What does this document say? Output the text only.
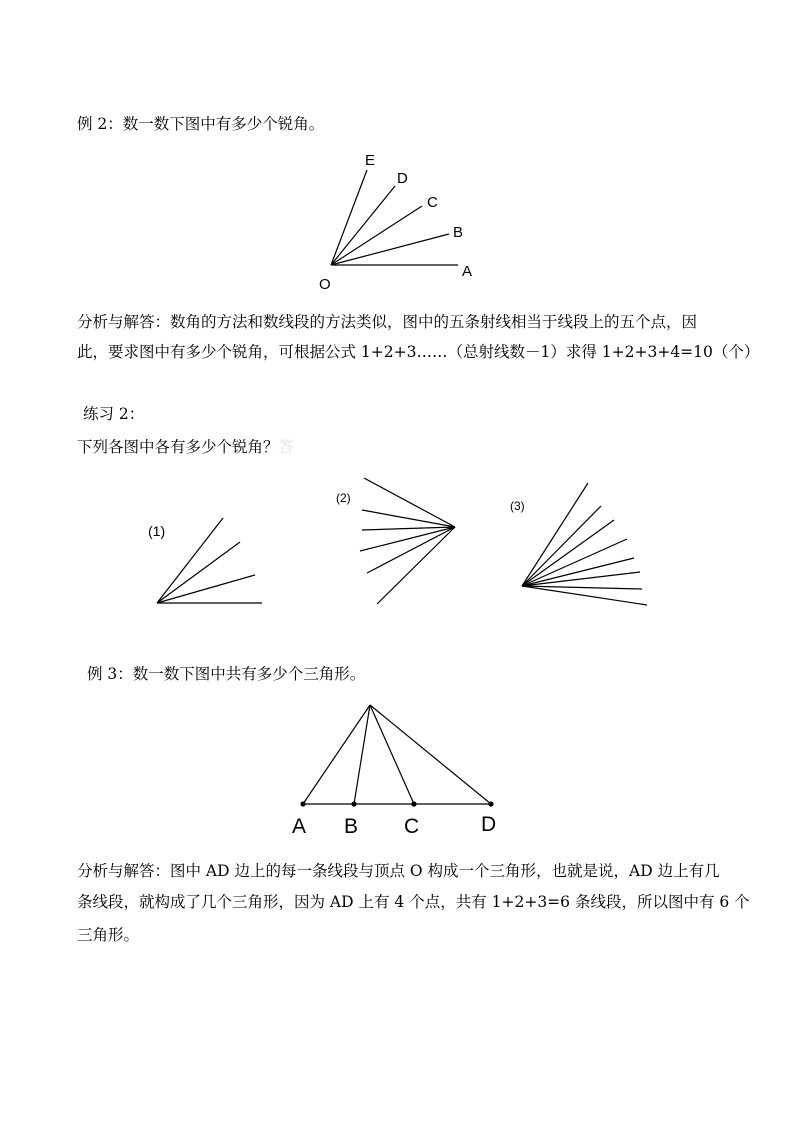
例 2：数一数下图中有多少个锐角。
O
A
B
C
D
E
分析与解答：数角的方法和数线段的方法类似，图中的五条射线相当于线段上的五个点，因
此，要求图中有多少个锐角，可根据公式 1+2+3……（总射线数－1）求得 1+2+3+4=10（个）
练习 2：
下列各图中各有多少个锐角？答
(1)
(2)
(3)
例 3：数一数下图中共有多少个三角形。
A B C	D
分析与解答：图中 AD 边上的每一条线段与顶点 O 构成一个三角形，也就是说，AD 边上有几
条线段，就构成了几个三角形，因为 AD 上有 4 个点，共有 1+2+3=6 条线段，所以图中有 6 个
三角形。
